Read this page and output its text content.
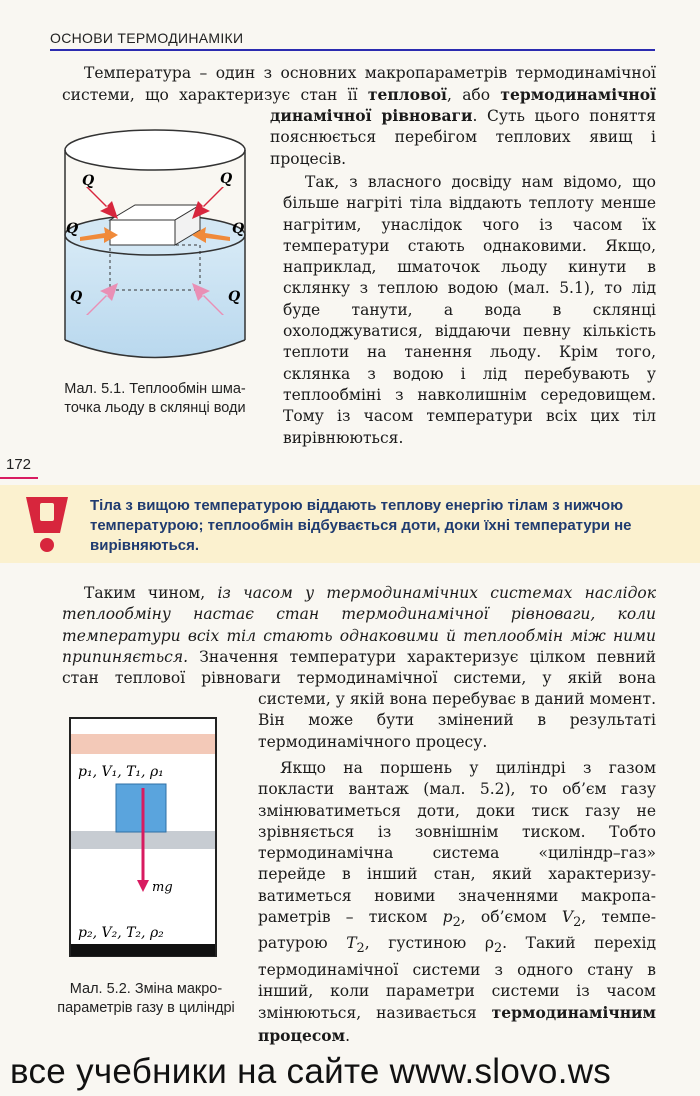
ОСНОВИ ТЕРМОДИНАМІКИ

Температура – один з основних макропараметрів термодинамічної системи, що характеризує стан її теплової, або термодинамічної

динамічної рівноваги. Суть цього поняття пояснюється перебігом теплових явищ і процесів.

Q	Q
Q	Q
Q	Q
Мал. 5.1. Теплообмін шматочка льоду в склянці води

Так, з власного досвіду нам відомо, що більше нагріті тіла віддають теплоту менше нагрітим, унаслідок чого із часом їх температури стають однаковими. Якщо, наприклад, шматочок льоду кинути в склянку з теплою водою (мал. 5.1), то лід буде танути, а вода в склянці охолоджуватися, віддаючи певну кількість теплоти на танення льоду. Крім того, склянка з водою і лід перебувають у теплообміні з навколишнім середовищем. Тому із часом температури всіх цих тіл вирівнюються.

172
Тіла з вищою температурою віддають теплову енергію тілам з нижчою температурою; теплообмін відбувається доти, доки їхні температури не вирівняються.

Таким чином, із часом у термодинамічних системах наслідок теплообміну настає стан термодинамічної рівноваги, коли температури всіх тіл стають однаковими й теплообмін між ними припиняється. Значення температури характеризує цілком певний стан теплової рівноваги термодинамічної системи, у якій вона

системи, у якій вона перебуває в даний момент. Він може бути змінений в результаті термодинамічного процесу.

p₁, V₁, T₁, ρ₁
mg
p₂, V₂, T₂, ρ₂
Мал. 5.2. Зміна макропараметрів газу в циліндрі

Якщо на поршень у циліндрі з газом покласти вантаж (мал. 5.2), то об’єм газу змінюватиметься доти, доки тиск газу не зрівняється із зовнішнім тиском. Тобто термодинамічна система «циліндр–газ» перейде в інший стан, який характеризуватиметься новими значеннями макропараметрів – тиском $p_2$, об’ємом $V_2$, температурою $T_2$, густиною $\rho_2$. Такий перехід термодинамічної системи з одного стану в інший, коли параметри системи із часом змінюються, називається термодинамічним процесом.

все учебники на сайте www.slovo.ws
